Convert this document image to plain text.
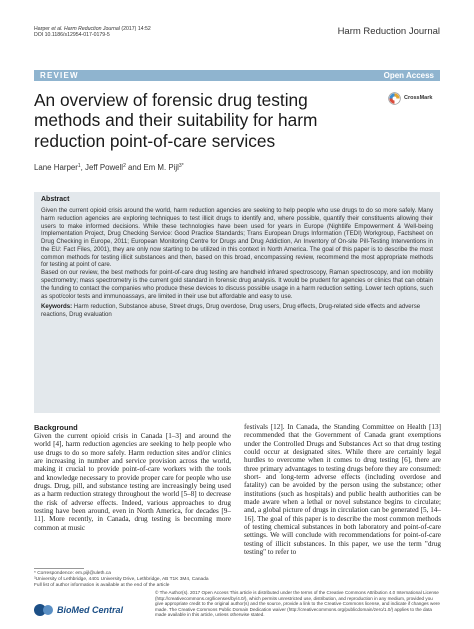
Harper et al. Harm Reduction Journal (2017) 14:52
DOI 10.1186/s12954-017-0179-5	Harm Reduction Journal
REVIEW	Open Access
An overview of forensic drug testing methods and their suitability for harm reduction point-of-care services
CrossMark
Lane Harper$^1$, Jeff Powell$^2$ and Em M. Pijl$^{3*}$
Abstract

Given the current opioid crisis around the world, harm reduction agencies are seeking to help people who use drugs to do so more safely. Many harm reduction agencies are exploring techniques to test illicit drugs to identify and, where possible, quantify their constituents allowing their users to make informed decisions. While these technologies have been used for years in Europe (Nightlife Empowerment & Well-being Implementation Project, Drug Checking Service: Good Practice Standards; Trans European Drugs Information (TEDI) Workgroup, Factsheet on Drug Checking in Europe, 2011; European Monitoring Centre for Drugs and Drug Addiction, An Inventory of On-site Pill-Testing Interventions in the EU: Fact Files, 2001), they are only now starting to be utilized in this context in North America. The goal of this paper is to describe the most common methods for testing illicit substances and then, based on this broad, encompassing review, recommend the most appropriate methods for testing at point of care.

Based on our review, the best methods for point-of-care drug testing are handheld infrared spectroscopy, Raman spectroscopy, and ion mobility spectrometry; mass spectrometry is the current gold standard in forensic drug analysis. It would be prudent for agencies or clinics that can obtain the funding to contact the companies who produce these devices to discuss possible usage in a harm reduction setting. Lower tech options, such as spot/color tests and immunoassays, are limited in their use but affordable and easy to use.

Keywords: Harm reduction, Substance abuse, Street drugs, Drug overdose, Drug users, Drug effects, Drug-related side effects and adverse reactions, Drug evaluation

Background

Given the current opioid crisis in Canada [1–3] and around the world [4], harm reduction agencies are seeking to help people who use drugs to do so more safely. Harm reduction sites and/or clinics are increasing in number and service provision across the world, making it crucial to provide point-of-care workers with the tools and knowledge necessary to provide proper care for people who use drugs. Drug, pill, and substance testing are increasingly being used as a harm reduction strategy throughout the world [5–8] to decrease the risk of adverse effects. Indeed, various approaches to drug testing have been around, even in North America, for decades [9–11]. More recently, in Canada, drug testing is becoming more common at music

festivals [12]. In Canada, the Standing Committee on Health [13] recommended that the Government of Canada grant exemptions under the Controlled Drugs and Substances Act so that drug testing could occur at designated sites. While there are certainly legal hurdles to overcome when it comes to drug testing [6], there are three primary advantages to testing drugs before they are consumed: short- and long-term adverse effects (including overdose and fatality) can be avoided by the person using the substance; other institutions (such as hospitals) and public health authorities can be made aware when a lethal or novel substance begins to circulate; and, a global picture of drugs in circulation can be generated [5, 14–16]. The goal of this paper is to describe the most common methods of testing chemical substances in both laboratory and point-of-care settings. We will conclude with recommendations for point-of-care testing of illicit substances. In this paper, we use the term "drug testing" to refer to

* Correspondence: em.pijl@uleth.ca
³University of Lethbridge, 4401 University Drive, Lethbridge, AB T1K 3M4, Canada
Full list of author information is available at the end of the article
BioMed Central
© The Author(s). 2017 Open Access This article is distributed under the terms of the Creative Commons Attribution 4.0 International License (http://creativecommons.org/licenses/by/4.0/), which permits unrestricted use, distribution, and reproduction in any medium, provided you give appropriate credit to the original author(s) and the source, provide a link to the Creative Commons license, and indicate if changes were made. The Creative Commons Public Domain Dedication waiver (http://creativecommons.org/publicdomain/zero/1.0/) applies to the data made available in this article, unless otherwise stated.
